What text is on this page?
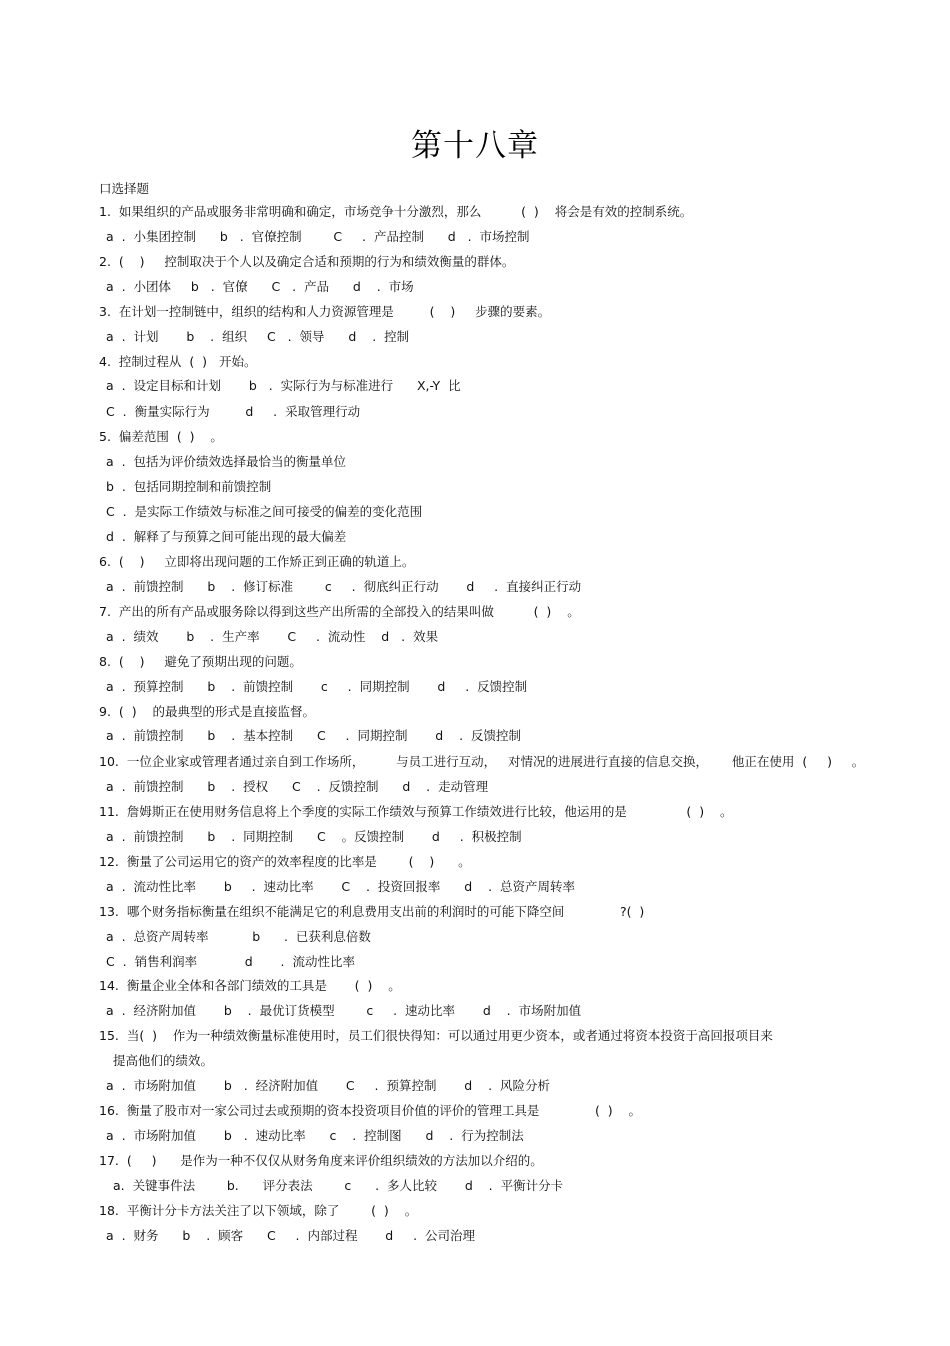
第十八章
口选择题
1.  如果组织的产品或服务非常明确和确定，市场竞争十分激烈，那么          (  )    将会是有效的控制系统。
a  .  小集团控制      b   .  官僚控制        C     .  产品控制      d   .  市场控制
2.  (    )     控制取决于个人以及确定合适和预期的行为和绩效衡量的群体。
a  .  小团体     b   .  官僚      C   .  产品      d    .  市场
3.  在计划一控制链中，组织的结构和人力资源管理是         (    )     步骤的要素。
a  .  计划       b    .  组织     C   .  领导      d    .  控制
4.  控制过程从  (  )   开始。
a  .  设定目标和计划       b   .  实际行为与标准进行      X,-Y  比
C  .  衡量实际行为         d     .  采取管理行动
5.  偏差范围  (  )    。
a  .  包括为评价绩效选择最恰当的衡量单位
b  .  包括同期控制和前馈控制
C  .  是实际工作绩效与标准之间可接受的偏差的变化范围
d  .  解释了与预算之间可能出现的最大偏差
6.  (    )     立即将出现问题的工作矫正到正确的轨道上。
a  .  前馈控制      b    .  修订标准        c     .  彻底纠正行动       d     .  直接纠正行动
7.  产出的所有产品或服务除以得到这些产出所需的全部投入的结果叫做          (  )    。
a  .  绩效       b    .  生产率       C     .  流动性    d   .  效果
8.  (    )     避免了预期出现的问题。
a  .  预算控制      b    .  前馈控制       c     .  同期控制       d     .  反馈控制
9.  (  )    的最典型的形式是直接监督。
a  .  前馈控制      b    .  基本控制      C     .  同期控制       d    .  反馈控制
10.  一位企业家或管理者通过亲自到工作场所，        与员工进行互动，   对情况的进展进行直接的信息交换，      他正在使用  (     )     。
a  .  前馈控制      b    .  授权      C    .  反馈控制      d    .  走动管理
11.  詹姆斯正在使用财务信息将上个季度的实际工作绩效与预算工作绩效进行比较，他运用的是               (  )    。
a  .  前馈控制      b    .  同期控制      C    。反馈控制       d     .  积极控制
12.  衡量了公司运用它的资产的效率程度的比率是        (    )      。
a  .  流动性比率       b     .  速动比率       C    .  投资回报率      d    .  总资产周转率
13.  哪个财务指标衡量在组织不能满足它的利息费用支出前的利润时的可能下降空间              ?(  )
a  .  总资产周转率           b      .  已获利息倍数
C  .  销售利润率            d       .  流动性比率
14.  衡量企业全体和各部门绩效的工具是       (  )    。
a  .  经济附加值       b    .  最优订货模型        c     .  速动比率       d    .  市场附加值
15.  当(  )    作为一种绩效衡量标准使用时，员工们很快得知：可以通过用更少资本，或者通过将资本投资于高回报项目来
提高他们的绩效。
a  .  市场附加值       b   .  经济附加值       C     .  预算控制       d    .  风险分析
16.  衡量了股市对一家公司过去或预期的资本投资项目价值的评价的管理工具是              (  )    。
a  .  市场附加值       b   .  速动比率      c    .  控制图      d    .  行为控制法
17.  (     )      是作为一种不仅仅从财务角度来评价组织绩效的方法加以介绍的。
a.  关键事件法        b.      评分表法        c      .  多人比较       d    .  平衡计分卡
18.  平衡计分卡方法关注了以下领域，除了        (  )    。
a  .  财务      b    .  顾客      C     .  内部过程       d     .  公司治理
